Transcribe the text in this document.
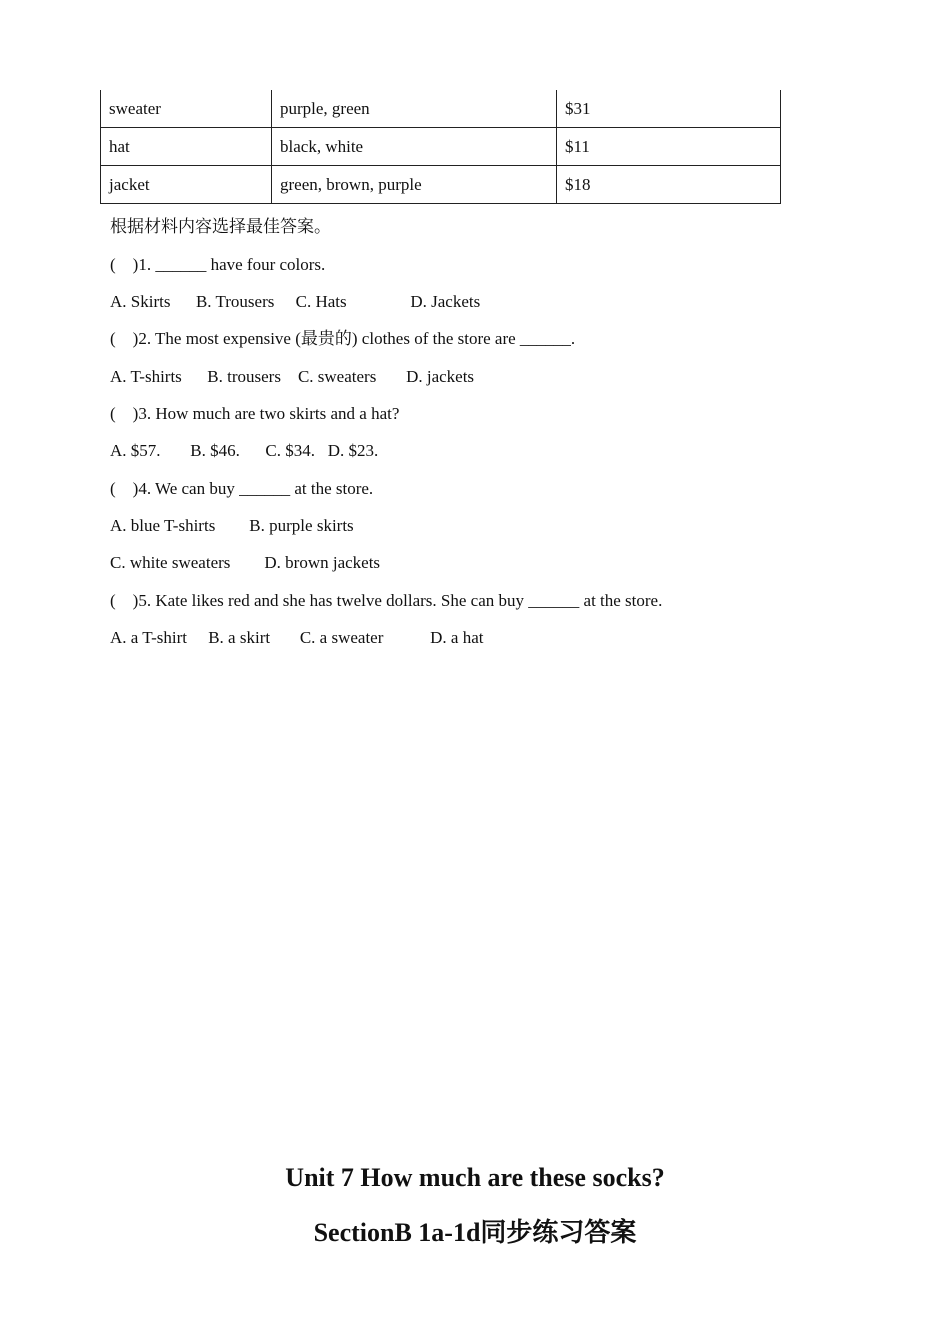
sweater	purple, green	$31
hat	black, white	$11
jacket	green, brown, purple	$18
根据材料内容选择最佳答案。
(    )1. ______ have four colors.
A. Skirts      B. Trousers     C. Hats               D. Jackets
(    )2. The most expensive (最贵的) clothes of the store are ______.
A. T-shirts      B. trousers    C. sweaters       D. jackets
(    )3. How much are two skirts and a hat?
A. $57.       B. $46.      C. $34.   D. $23.
(    )4. We can buy ______ at the store.
A. blue T-shirts        B. purple skirts
C. white sweaters        D. brown jackets
(    )5. Kate likes red and she has twelve dollars. She can buy ______ at the store.
A. a T-shirt     B. a skirt       C. a sweater           D. a hat
Unit 7 How much are these socks?
SectionB 1a-1d同步练习答案
